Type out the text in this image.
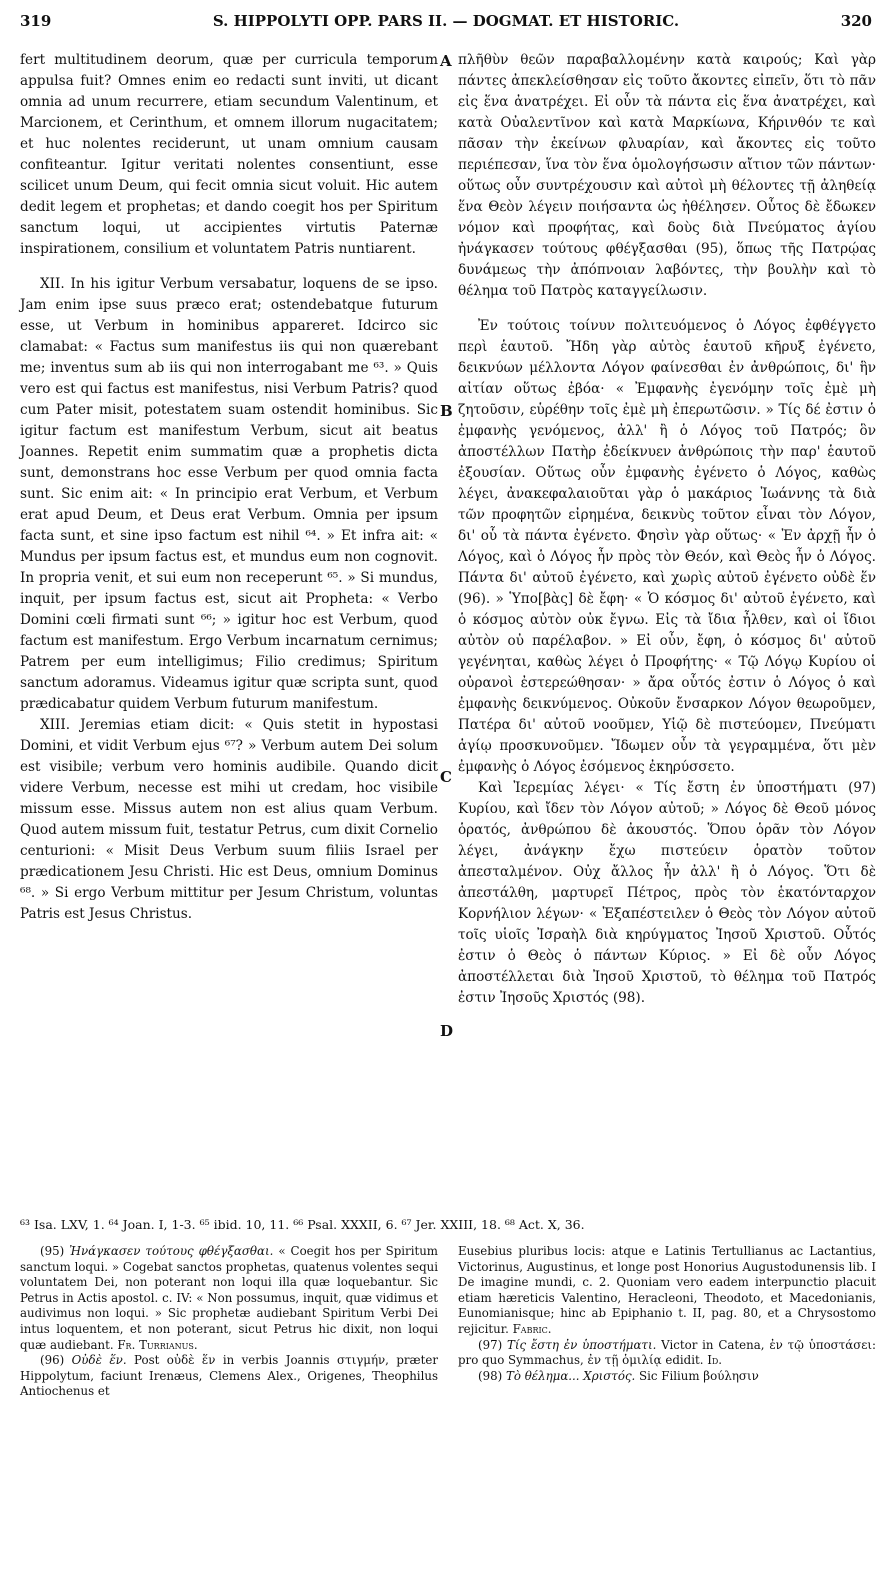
319	S. HIPPOLYTI OPP. PARS II. — DOGMAT. ET HISTORIC.	320

fert multitudinem deorum, quæ per curricula temporum appulsa fuit? Omnes enim eo redacti sunt inviti, ut dicant omnia ad unum recurrere, etiam secundum Valentinum, et Marcionem, et Cerinthum, et omnem illorum nugacitatem; et huc nolentes reciderunt, ut unam omnium causam confiteantur. Igitur veritati nolentes consentiunt, esse scilicet unum Deum, qui fecit omnia sicut voluit. Hic autem dedit legem et prophetas; et dando coegit hos per Spiritum sanctum loqui, ut accipientes virtutis Paternæ inspirationem, consilium et voluntatem Patris nuntiarent.

XII. In his igitur Verbum versabatur, loquens de se ipso. Jam enim ipse suus præco erat; ostendebatque futurum esse, ut Verbum in hominibus appareret. Idcirco sic clamabat: « Factus sum manifestus iis qui non quærebant me; inventus sum ab iis qui non interrogabant me ⁶³. » Quis vero est qui factus est manifestus, nisi Verbum Patris? quod cum Pater misit, potestatem suam ostendit hominibus. Sic igitur factum est manifestum Verbum, sicut ait beatus Joannes. Repetit enim summatim quæ a prophetis dicta sunt, demonstrans hoc esse Verbum per quod omnia facta sunt. Sic enim ait: « In principio erat Verbum, et Verbum erat apud Deum, et Deus erat Verbum. Omnia per ipsum facta sunt, et sine ipso factum est nihil ⁶⁴. » Et infra ait: « Mundus per ipsum factus est, et mundus eum non cognovit. In propria venit, et sui eum non receperunt ⁶⁵. » Si mundus, inquit, per ipsum factus est, sicut ait Propheta: « Verbo Domini cœli firmati sunt ⁶⁶; » igitur hoc est Verbum, quod factum est manifestum. Ergo Verbum incarnatum cernimus; Patrem per eum intelligimus; Filio credimus; Spiritum sanctum adoramus. Videamus igitur quæ scripta sunt, quod prædicabatur quidem Verbum futurum manifestum.

XIII. Jeremias etiam dicit: « Quis stetit in hypostasi Domini, et vidit Verbum ejus ⁶⁷? » Verbum autem Dei solum est visibile; verbum vero hominis audibile. Quando dicit videre Verbum, necesse est mihi ut credam, hoc visibile missum esse. Missus autem non est alius quam Verbum. Quod autem missum fuit, testatur Petrus, cum dixit Cornelio centurioni: « Misit Deus Verbum suum filiis Israel per prædicationem Jesu Christi. Hic est Deus, omnium Dominus ⁶⁸. » Si ergo Verbum mittitur per Jesum Christum, voluntas Patris est Jesus Christus.

A
B
C
D

πλῆθὺν θεῶν παραβαλλομένην κατὰ καιρούς; Καὶ γὰρ πάντες ἀπεκλείσθησαν εἰς τοῦτο ἄκοντες εἰπεῖν, ὅτι τὸ πᾶν εἰς ἕνα ἀνατρέχει. Εἰ οὖν τὰ πάντα εἰς ἕνα ἀνατρέχει, καὶ κατὰ Οὐαλεντῖνον καὶ κατὰ Μαρκίωνα, Κήρινθόν τε καὶ πᾶσαν τὴν ἐκείνων φλυαρίαν, καὶ ἄκοντες εἰς τοῦτο περιέπεσαν, ἵνα τὸν ἕνα ὁμολογήσωσιν αἴτιον τῶν πάντων· οὕτως οὖν συντρέχουσιν καὶ αὐτοὶ μὴ θέλοντες τῇ ἀληθείᾳ ἕνα Θεὸν λέγειν ποιήσαντα ὡς ἠθέλησεν. Οὗτος δὲ ἔδωκεν νόμον καὶ προφήτας, καὶ δοὺς διὰ Πνεύματος ἁγίου ἠνάγκασεν τούτους φθέγξασθαι (95), ὅπως τῆς Πατρῴας δυνάμεως τὴν ἀπόπνοιαν λαβόντες, τὴν βουλὴν καὶ τὸ θέλημα τοῦ Πατρὸς καταγγείλωσιν.

Ἐν τούτοις τοίνυν πολιτευόμενος ὁ Λόγος ἐφθέγγετο περὶ ἑαυτοῦ. Ἤδη γὰρ αὐτὸς ἑαυτοῦ κῆρυξ ἐγένετο, δεικνύων μέλλοντα Λόγον φαίνεσθαι ἐν ἀνθρώποις, δι' ἣν αἰτίαν οὕτως ἐβόα· « Ἐμφανὴς ἐγενόμην τοῖς ἐμὲ μὴ ζητοῦσιν, εὑρέθην τοῖς ἐμὲ μὴ ἐπερωτῶσιν. » Τίς δέ ἐστιν ὁ ἐμφανὴς γενόμενος, ἀλλ' ἢ ὁ Λόγος τοῦ Πατρός; ὃν ἀποστέλλων Πατὴρ ἐδείκνυεν ἀνθρώποις τὴν παρ' ἑαυτοῦ ἐξουσίαν. Οὕτως οὖν ἐμφανὴς ἐγένετο ὁ Λόγος, καθὼς λέγει, ἀνακεφαλαιοῦται γὰρ ὁ μακάριος Ἰωάννης τὰ διὰ τῶν προφητῶν εἰρημένα, δεικνὺς τοῦτον εἶναι τὸν Λόγον, δι' οὗ τὰ πάντα ἐγένετο. Φησὶν γὰρ οὕτως· « Ἐν ἀρχῇ ἦν ὁ Λόγος, καὶ ὁ Λόγος ἦν πρὸς τὸν Θεόν, καὶ Θεὸς ἦν ὁ Λόγος. Πάντα δι' αὐτοῦ ἐγένετο, καὶ χωρὶς αὐτοῦ ἐγένετο οὐδὲ ἕν (96). » Ὑπο[βὰς] δὲ ἔφη· « Ὁ κόσμος δι' αὐτοῦ ἐγένετο, καὶ ὁ κόσμος αὐτὸν οὐκ ἔγνω. Εἰς τὰ ἴδια ἦλθεν, καὶ οἱ ἴδιοι αὐτὸν οὐ παρέλαβον. » Εἰ οὖν, ἔφη, ὁ κόσμος δι' αὐτοῦ γεγένηται, καθὼς λέγει ὁ Προφήτης· « Τῷ Λόγῳ Κυρίου οἱ οὐρανοὶ ἐστερεώθησαν· » ἄρα οὗτός ἐστιν ὁ Λόγος ὁ καὶ ἐμφανὴς δεικνύμενος. Οὐκοῦν ἔνσαρκον Λόγον θεωροῦμεν, Πατέρα δι' αὐτοῦ νοοῦμεν, Υἱῷ δὲ πιστεύομεν, Πνεύματι ἁγίῳ προσκυνοῦμεν. Ἴδωμεν οὖν τὰ γεγραμμένα, ὅτι μὲν ἐμφανὴς ὁ Λόγος ἐσόμενος ἐκηρύσσετο.

Καὶ Ἰερεμίας λέγει· « Τίς ἔστη ἐν ὑποστήματι (97) Κυρίου, καὶ ἴδεν τὸν Λόγον αὐτοῦ; » Λόγος δὲ Θεοῦ μόνος ὁρατός, ἀνθρώπου δὲ ἀκουστός. Ὅπου ὁρᾶν τὸν Λόγον λέγει, ἀνάγκην ἔχω πιστεύειν ὁρατὸν τοῦτον ἀπεσταλμένον. Οὐχ ἄλλος ἦν ἀλλ' ἢ ὁ Λόγος. Ὅτι δὲ ἀπεστάλθη, μαρτυρεῖ Πέτρος, πρὸς τὸν ἑκατόνταρχον Κορνήλιον λέγων· « Ἐξαπέστειλεν ὁ Θεὸς τὸν Λόγον αὐτοῦ τοῖς υἱοῖς Ἰσραὴλ διὰ κηρύγματος Ἰησοῦ Χριστοῦ. Οὗτός ἐστιν ὁ Θεὸς ὁ πάντων Κύριος. » Εἰ δὲ οὖν Λόγος ἀποστέλλεται διὰ Ἰησοῦ Χριστοῦ, τὸ θέλημα τοῦ Πατρός ἐστιν Ἰησοῦς Χριστός (98).

⁶³ Isa. LXV, 1. ⁶⁴ Joan. I, 1-3. ⁶⁵ ibid. 10, 11. ⁶⁶ Psal. XXXII, 6. ⁶⁷ Jer. XXIII, 18. ⁶⁸ Act. X, 36.

(95) Ἠνάγκασεν τούτους φθέγξασθαι. « Coegit hos per Spiritum sanctum loqui. » Cogebat sanctos prophetas, quatenus volentes sequi voluntatem Dei, non poterant non loqui illa quæ loquebantur. Sic Petrus in Actis apostol. c. IV: « Non possumus, inquit, quæ vidimus et audivimus non loqui. » Sic prophetæ audiebant Spiritum Verbi Dei intus loquentem, et non poterant, sicut Petrus hic dixit, non loqui quæ audiebant. Fr. Turrianus.

(96) Οὐδὲ ἕν. Post οὐδὲ ἕν in verbis Joannis στιγμήν, præter Hippolytum, faciunt Irenæus, Clemens Alex., Origenes, Theophilus Antiochenus et

Eusebius pluribus locis: atque e Latinis Tertullianus ac Lactantius, Victorinus, Augustinus, et longe post Honorius Augustodunensis lib. I De imagine mundi, c. 2. Quoniam vero eadem interpunctio placuit etiam hæreticis Valentino, Heracleoni, Theodoto, et Macedonianis, Eunomianisque; hinc ab Epiphanio t. II, pag. 80, et a Chrysostomo rejicitur. Fabric.

(97) Τίς ἔστη ἐν ὑποστήματι. Victor in Catena, ἐν τῷ ὑποστάσει: pro quo Symmachus, ἐν τῇ ὁμιλίᾳ edidit. Id.

(98) Τὸ θέλημα... Χριστός. Sic Filium βούλησιν
